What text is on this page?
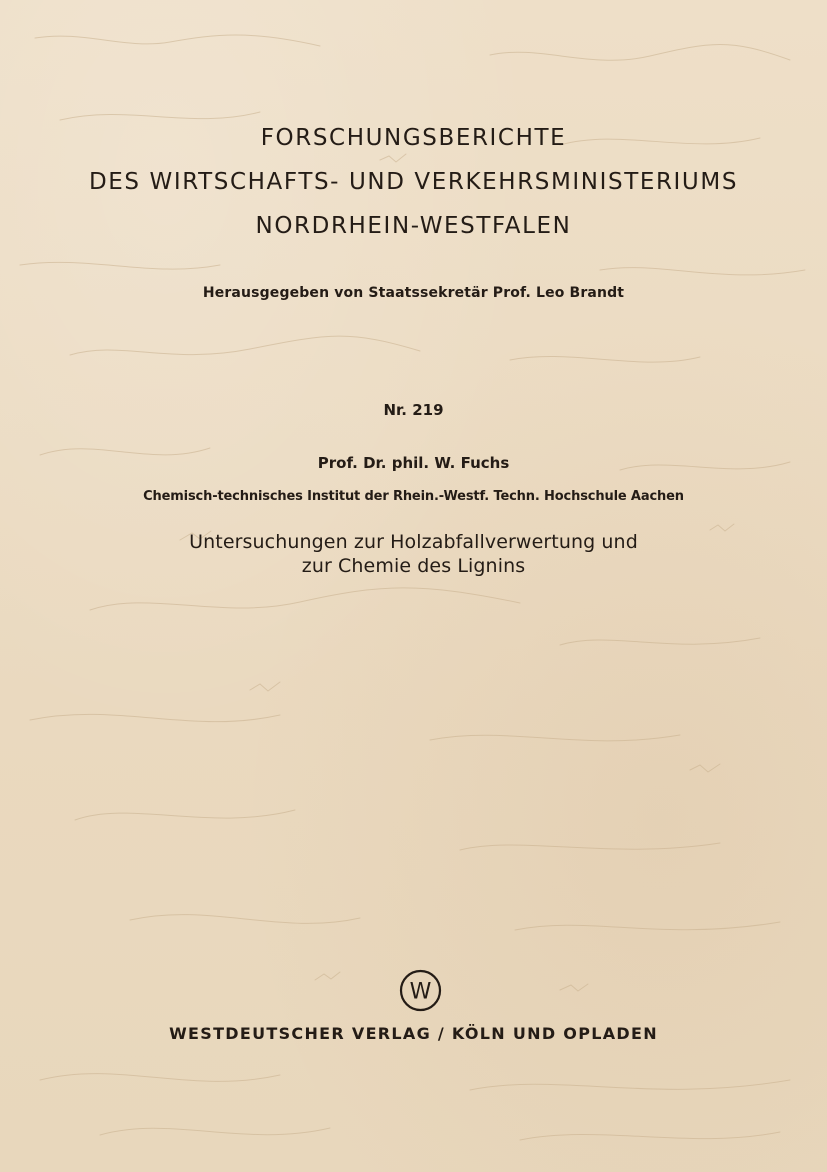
FORSCHUNGSBERICHTE
DES WIRTSCHAFTS- UND VERKEHRSMINISTERIUMS
NORDRHEIN-WESTFALEN
Herausgegeben von Staatssekretär Prof. Leo Brandt
Nr. 219
Prof. Dr. phil. W. Fuchs
Chemisch-technisches Institut der Rhein.-Westf. Techn. Hochschule Aachen
Untersuchungen zur Holzabfallverwertung und
zur Chemie des Lignins
W
WESTDEUTSCHER VERLAG / KÖLN UND OPLADEN
